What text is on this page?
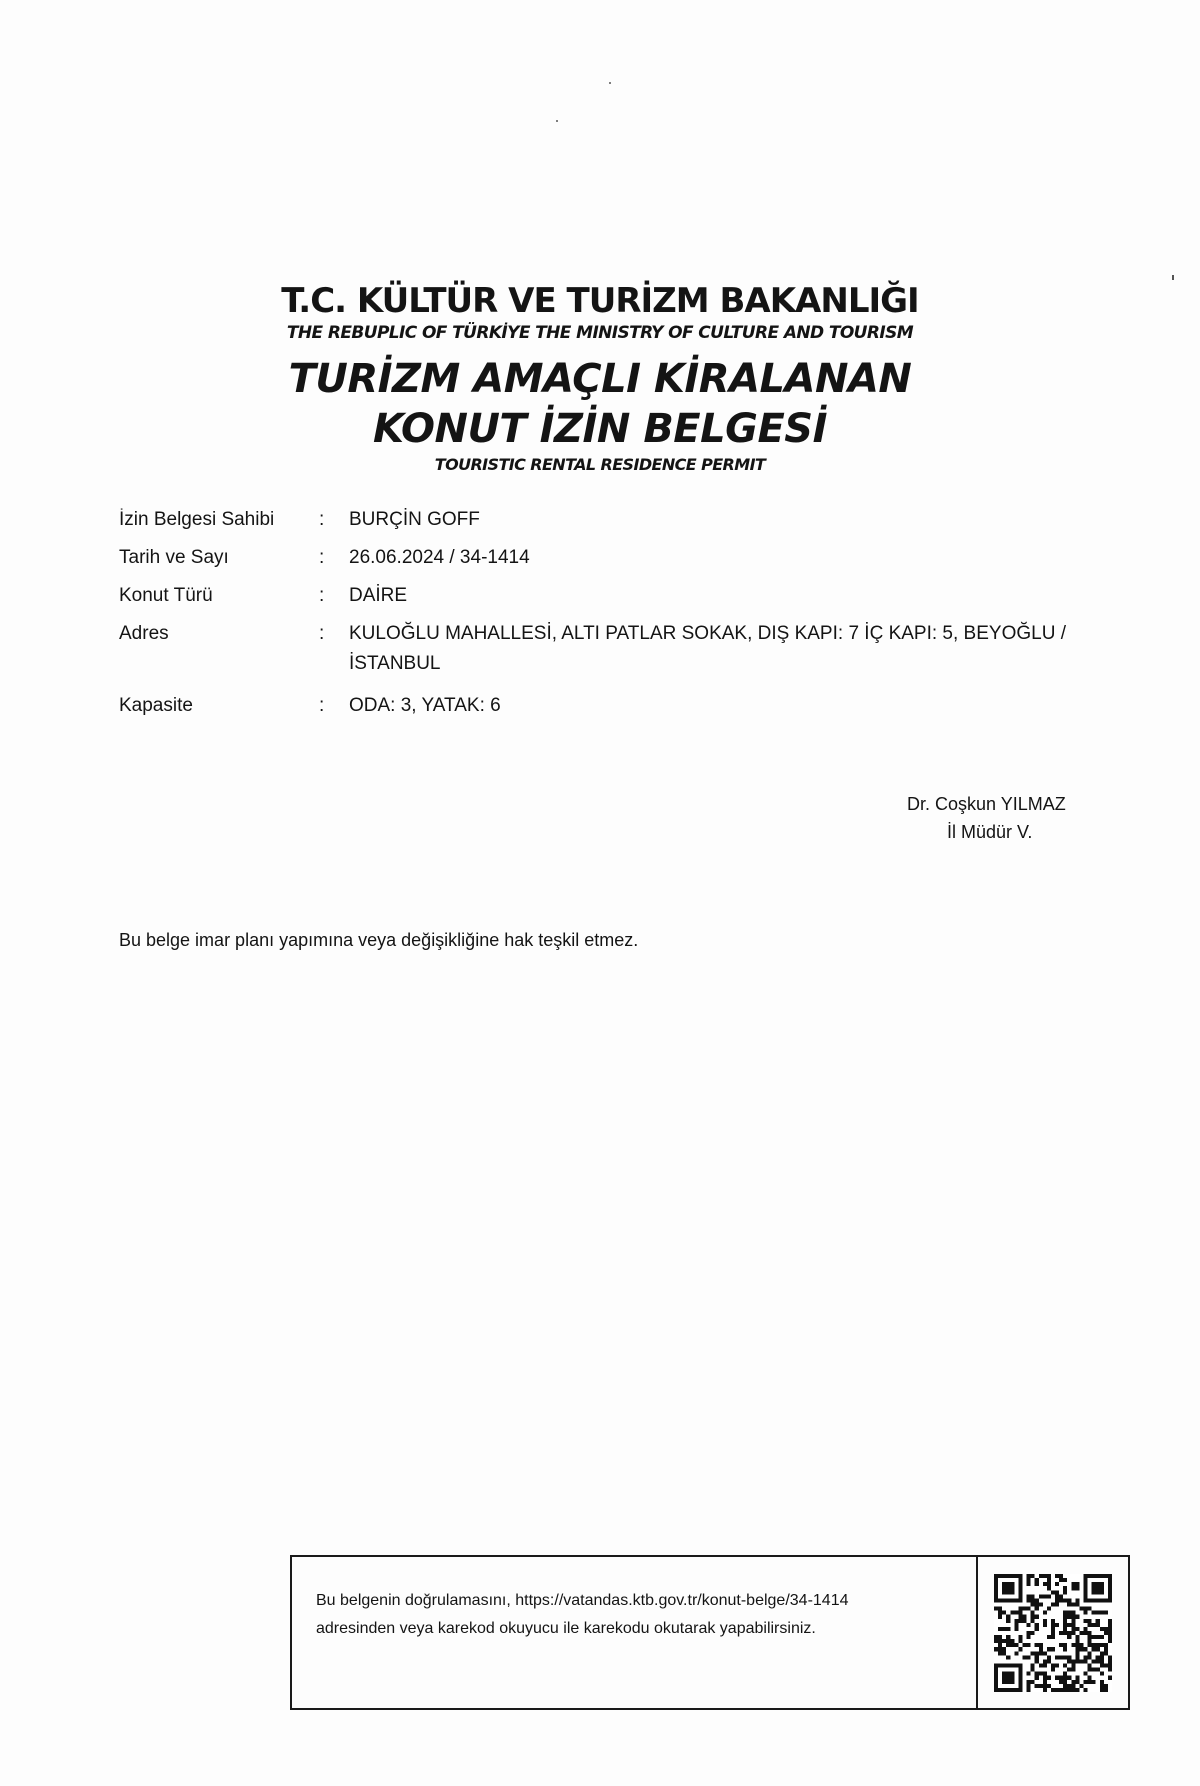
T.C. KÜLTÜR VE TURİZM BAKANLIĞI

THE REBUPLIC OF TÜRKİYE THE MINISTRY OF CULTURE AND TOURISM

TURİZM AMAÇLI KİRALANAN
KONUT İZİN BELGESİ

TOURISTIC RENTAL RESIDENCE PERMIT

İzin Belgesi Sahibi	:	BURÇİN GOFF
Tarih ve Sayı	:	26.06.2024 / 34-1414
Konut Türü	:	DAİRE
Adres	:	KULOĞLU MAHALLESİ, ALTI PATLAR SOKAK, DIŞ KAPI: 7 İÇ KAPI: 5, BEYOĞLU / İSTANBUL
Kapasite	:	ODA: 3, YATAK: 6
Dr. Coşkun YILMAZ
İl Müdür V.
Bu belge imar planı yapımına veya değişikliğine hak teşkil etmez.
Bu belgenin doğrulamasını, https://vatandas.ktb.gov.tr/konut-belge/34-1414
adresinden veya karekod okuyucu ile karekodu okutarak yapabilirsiniz.
